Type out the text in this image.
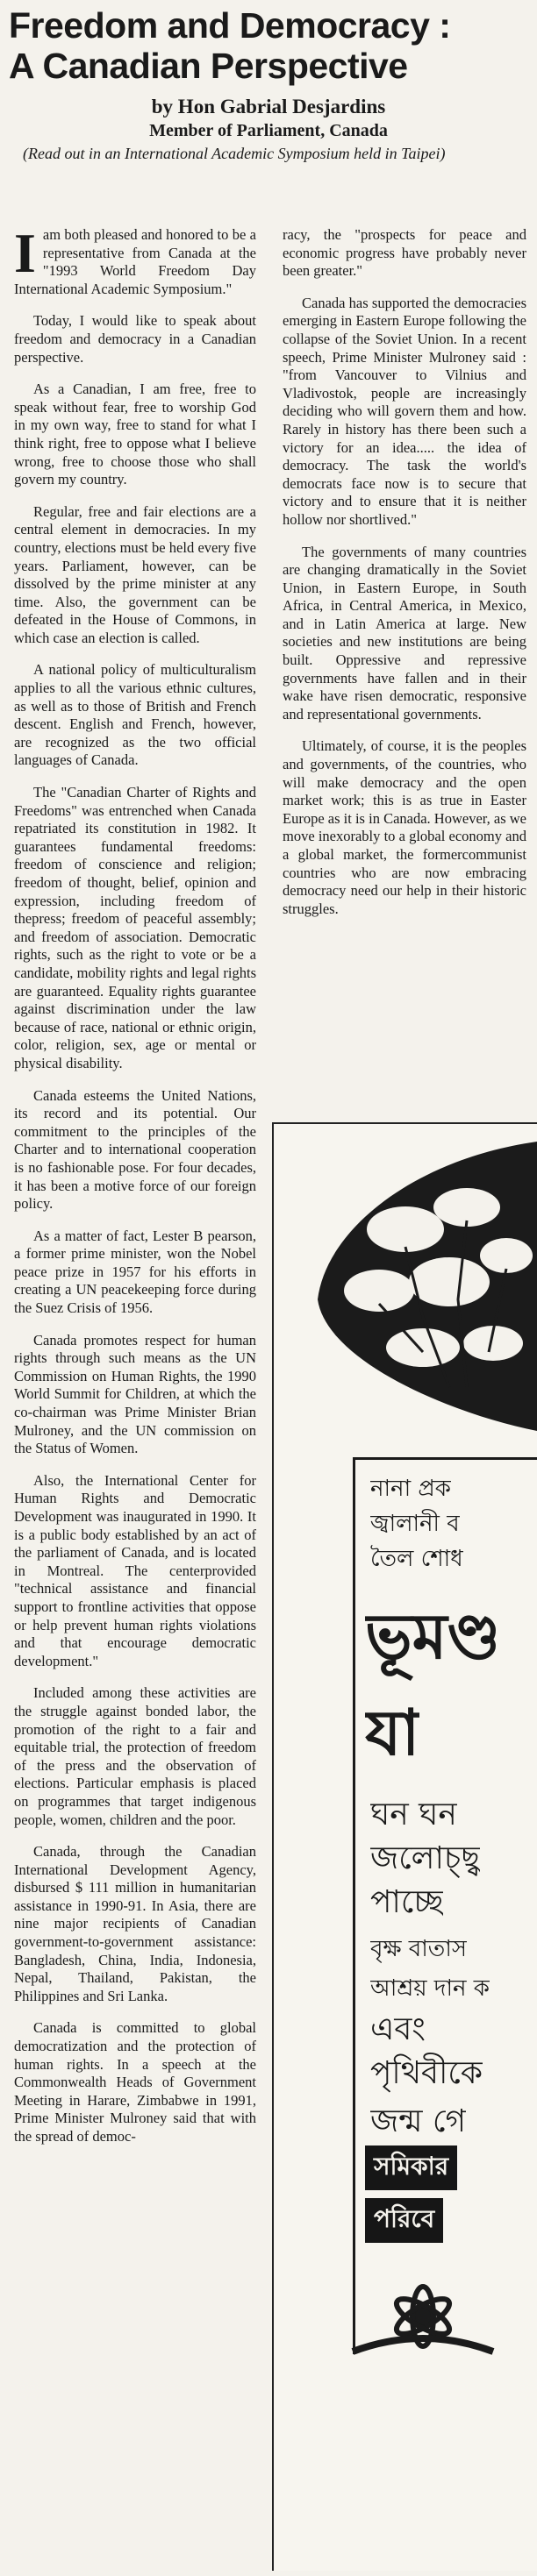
Freedom and Democracy :
A Canadian Perspective
by Hon Gabrial Desjardins
Member of Parliament, Canada
(Read out in an International Academic Symposium held in Taipei)

Iam both pleased and honored to be a representative from Canada at the "1993 World Freedom Day International Academic Symposium."

Today, I would like to speak about freedom and democracy in a Canadian perspective.

As a Canadian, I am free, free to speak without fear, free to worship God in my own way, free to stand for what I think right, free to oppose what I believe wrong, free to choose those who shall govern my country.

Regular, free and fair elections are a central element in democracies. In my country, elections must be held every five years. Parliament, however, can be dissolved by the prime minister at any time. Also, the government can be defeated in the House of Commons, in which case an election is called.

A national policy of multiculturalism applies to all the various ethnic cultures, as well as to those of British and French descent. English and French, however, are recognized as the two official languages of Canada.

The "Canadian Charter of Rights and Freedoms" was entrenched when Canada repatriated its constitution in 1982. It guarantees fundamental freedoms: freedom of conscience and religion; freedom of thought, belief, opinion and expression, including freedom of thepress; freedom of peaceful assembly; and freedom of association. Democratic rights, such as the right to vote or be a candidate, mobility rights and legal rights are guaranteed. Equality rights guarantee against discrimination under the law because of race, national or ethnic origin, color, religion, sex, age or mental or physical disability.

Canada esteems the United Nations, its record and its potential. Our commitment to the principles of the Charter and to international cooperation is no fashionable pose. For four decades, it has been a motive force of our foreign policy.

As a matter of fact, Lester B pearson, a former prime minister, won the Nobel peace prize in 1957 for his efforts in creating a UN peacekeeping force during the Suez Crisis of 1956.

Canada promotes respect for human rights through such means as the UN Commission on Human Rights, the 1990 World Summit for Children, at which the co-chairman was Prime Minister Brian Mulroney, and the UN commission on the Status of Women.

Also, the International Center for Human Rights and Democratic Development was inaugurated in 1990. It is a public body established by an act of the parliament of Canada, and is located in Montreal. The centerprovided "technical assistance and financial support to frontline activities that oppose or help prevent human rights violations and that encourage democratic development."

Included among these activities are the struggle against bonded labor, the promotion of the right to a fair and equitable trial, the protection of freedom of the press and the observation of elections. Particular emphasis is placed on programmes that target indigenous people, women, children and the poor.

Canada, through the Canadian International Development Agency, disbursed $ 111 million in humanitarian assistance in 1990-91. In Asia, there are nine major recipients of Canadian government-to-government assistance: Bangladesh, China, India, Indonesia, Nepal, Thailand, Pakistan, the Philippines and Sri Lanka.

Canada is committed to global democratization and the protection of human rights. In a speech at the Commonwealth Heads of Government Meeting in Harare, Zimbabwe in 1991, Prime Minister Mulroney said that with the spread of democ-

racy, the "prospects for peace and economic progress have probably never been greater."

Canada has supported the democracies emerging in Eastern Europe following the collapse of the Soviet Union. In a recent speech, Prime Minister Mulroney said : "from Vancouver to Vilnius and Vladivostok, people are increasingly deciding who will govern them and how. Rarely in history has there been such a victory for an idea..... the idea of democracy. The task the world's democrats face now is to secure that victory and to ensure that it is neither hollow nor shortlived."

The governments of many countries are changing dramatically in the Soviet Union, in Eastern Europe, in South Africa, in Central America, in Mexico, and in Latin America at large. New societies and new institutions are being built. Oppressive and repressive governments have fallen and in their wake have risen democratic, responsive and representational governments.

Ultimately, of course, it is the peoples and governments, of the countries, who will make democracy and the open market work; this is as true in Easter Europe as it is in Canada. However, as we move inexorably to a global economy and a global market, the formercommunist countries who are now embracing democracy need our help in their historic struggles.

নানা প্রক
জ্বালানী ব
তৈল শোধ
ভূমণ্ড
যা
ঘন ঘন
জলোচ্ছ্ব
পাচ্ছে
বৃক্ষ বাতাস
আশ্রয় দান ক
এবং
পৃথিবীকে
জন্ম গে
সমিকার
পরিবে
